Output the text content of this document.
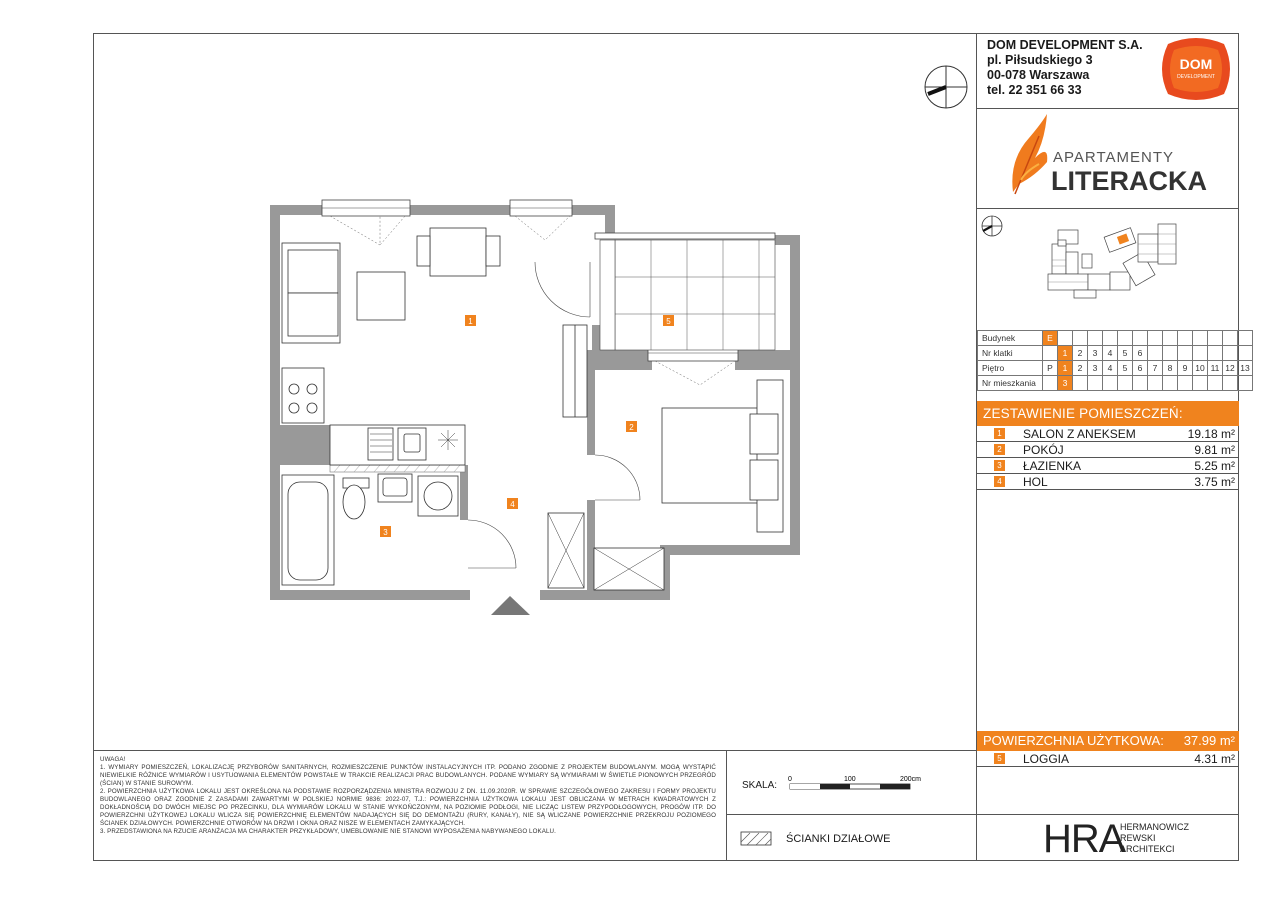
DOM DEVELOPMENT S.A.
pl. Piłsudskiego 3
00-078 Warszawa
tel. 22 351 66 33
DOM
DEVELOPMENT
APARTAMENTY
LITERACKA
Budynek	E													
Nr klatki		1	2	3	4	5	6							
Piętro	P	1	2	3	4	5	6	7	8	9	10	11	12	13
Nr mieszkania		3												
ZESTAWIENIE POMIESZCZEŃ:
1 SALON Z ANEKSEM	19.18 m²
2 POKÓJ	9.81 m²
3 ŁAZIENKA	5.25 m²
4 HOL	3.75 m²
POWIERZCHNIA UŻYTKOWA: 37.99 m²
5 LOGGIA	4.31 m²

UWAGA!

1. WYMIARY POMIESZCZEŃ, LOKALIZACJĘ PRZYBORÓW SANITARNYCH, ROZMIESZCZENIE PUNKTÓW INSTALACYJNYCH ITP. PODANO ZGODNIE Z PROJEKTEM BUDOWLANYM. MOGĄ WYSTĄPIĆ NIEWIELKIE RÓŻNICE WYMIARÓW I USYTUOWANIA ELEMENTÓW POWSTAŁE W TRAKCIE REALIZACJI PRAC BUDOWLANYCH. PODANE WYMIARY SĄ WYMIARAMI W ŚWIETLE PIONOWYCH PRZEGRÓD (ŚCIAN) W STANIE SUROWYM.

2. POWIERZCHNIA UŻYTKOWA LOKALU JEST OKREŚLONA NA PODSTAWIE ROZPORZĄDZENIA MINISTRA ROZWOJU Z DN. 11.09.2020R. W SPRAWIE SZCZEGÓŁOWEGO ZAKRESU I FORMY PROJEKTU BUDOWLANEGO ORAZ ZGODNIE Z ZASADAMI ZAWARTYMI W POLSKIEJ NORMIE 9836: 2022-07, T.J.: POWIERZCHNIA UŻYTKOWA LOKALU JEST OBLICZANA W METRACH KWADRATOWYCH Z DOKŁADNOŚCIĄ DO DWÓCH MIEJSC PO PRZECINKU, DLA WYMIARÓW LOKALU W STANIE WYKOŃCZONYM, NA POZIOMIE PODŁOGI, NIE LICZĄC LISTEW PRZYPODŁOGOWYCH, PROGÓW ITP. DO POWIERZCHNI UŻYTKOWEJ LOKALU WLICZA SIĘ POWIERZCHNIĘ ELEMENTÓW NADAJĄCYCH SIĘ DO DEMONTAŻU (RURY, KANAŁY), NIE SĄ WLICZANE POWIERZCHNIE PRZEKROJU POZIOMEGO ŚCIANEK DZIAŁOWYCH. POWIERZCHNIE OTWORÓW NA DRZWI I OKNA ORAZ NISZE W ELEMENTACH ZAMYKAJĄCYCH.

3. PRZEDSTAWIONA NA RZUCIE ARANŻACJA MA CHARAKTER PRZYKŁADOWY, UMEBLOWANIE NIE STANOWI WYPOSAŻENIA NABYWANEGO LOKALU.

SKALA:
0	100	200cm
ŚCIANKI DZIAŁOWE	HRA
HERMANOWICZ
REWSKI
ARCHITEKCI
1
2
3
4
5
